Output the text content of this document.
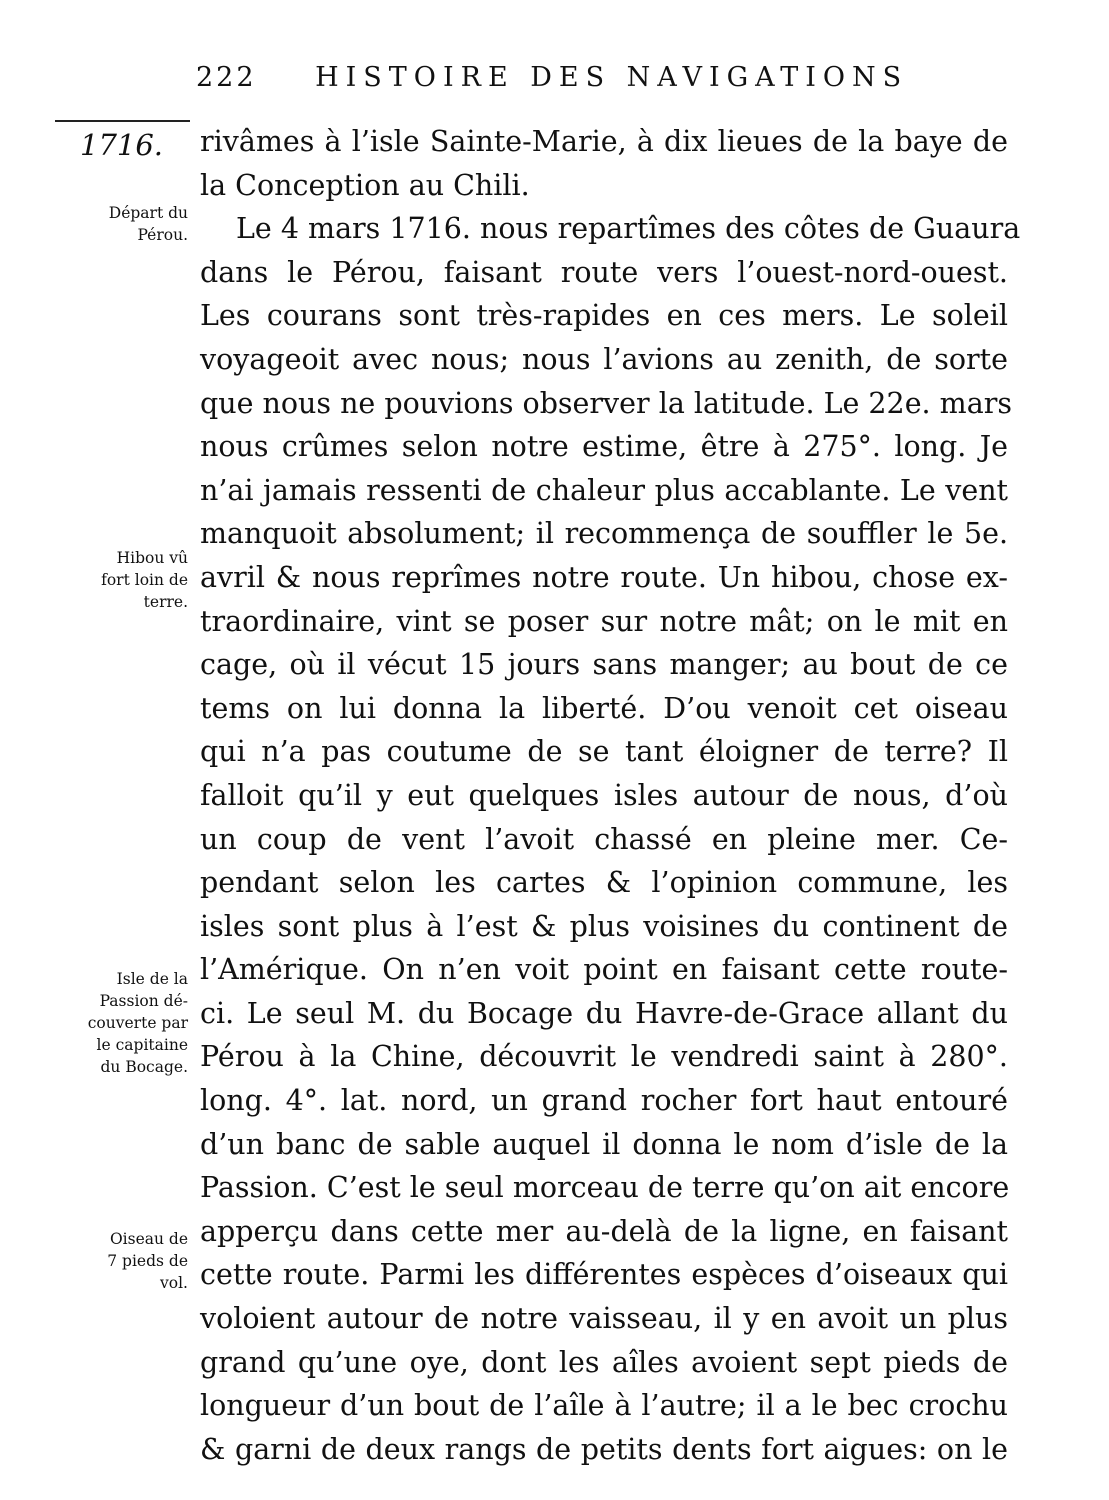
222 HISTOIRE DES NAVIGATIONS
1716.
Départ du
Pérou.
Hibou vû
fort loin de
terre.
Isle de la
Passion dé-
couverte par
le capitaine
du Bocage.
Oiseau de
7 pieds de
vol.
rivâmes à l’isle Sainte-Marie, à dix lieues de la baye de
la Conception au Chili.
Le 4 mars 1716. nous repartîmes des côtes de Guaura
dans le Pérou, faisant route vers l’ouest-nord-ouest.
Les courans sont très-rapides en ces mers. Le soleil
voyageoit avec nous; nous l’avions au zenith, de sorte
que nous ne pouvions observer la latitude. Le 22e. mars
nous crûmes selon notre estime, être à 275°. long. Je
n’ai jamais ressenti de chaleur plus accablante. Le vent
manquoit absolument; il recommença de souffler le 5e.
avril & nous reprîmes notre route. Un hibou, chose ex-
traordinaire, vint se poser sur notre mât; on le mit en
cage, où il vécut 15 jours sans manger; au bout de ce
tems on lui donna la liberté. D’ou venoit cet oiseau
qui n’a pas coutume de se tant éloigner de terre? Il
falloit qu’il y eut quelques isles autour de nous, d’où
un coup de vent l’avoit chassé en pleine mer. Ce-
pendant selon les cartes & l’opinion commune, les
isles sont plus à l’est & plus voisines du continent de
l’Amérique. On n’en voit point en faisant cette route-
ci. Le seul M. du Bocage du Havre-de-Grace allant du
Pérou à la Chine, découvrit le vendredi saint à 280°.
long. 4°. lat. nord, un grand rocher fort haut entouré
d’un banc de sable auquel il donna le nom d’isle de la
Passion. C’est le seul morceau de terre qu’on ait encore
apperçu dans cette mer au-delà de la ligne, en faisant
cette route. Parmi les différentes espèces d’oiseaux qui
voloient autour de notre vaisseau, il y en avoit un plus
grand qu’une oye, dont les aîles avoient sept pieds de
longueur d’un bout de l’aîle à l’autre; il a le bec crochu
& garni de deux rangs de petits dents fort aigues: on le
